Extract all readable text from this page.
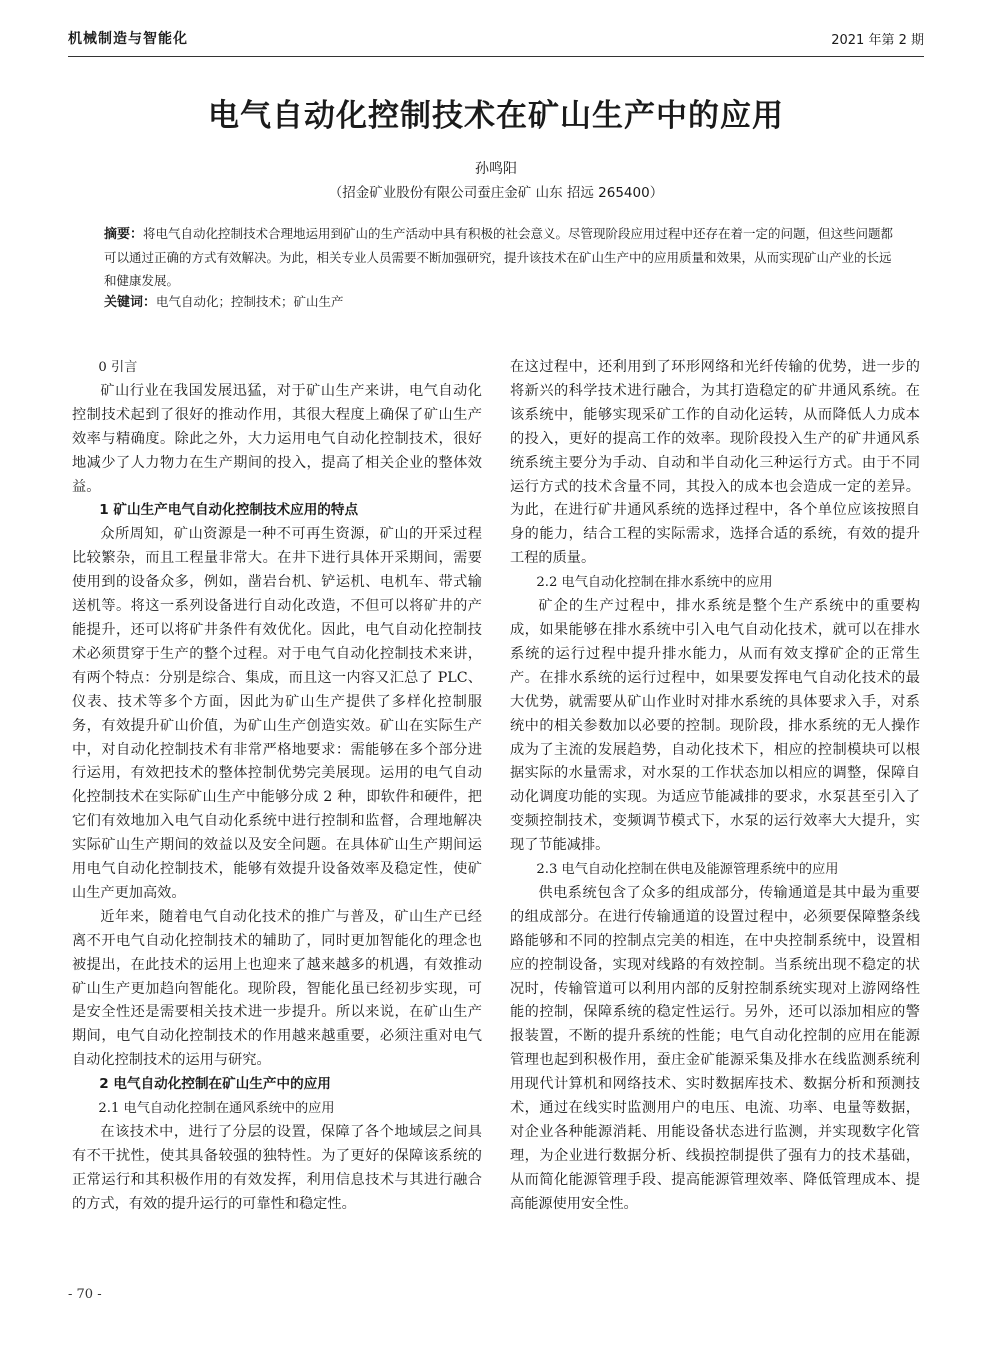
机械制造与智能化	2021 年第 2 期
电气自动化控制技术在矿山生产中的应用
孙鸣阳
（招金矿业股份有限公司蚕庄金矿 山东 招远 265400）
摘要：将电气自动化控制技术合理地运用到矿山的生产活动中具有积极的社会意义。尽管现阶段应用过程中还存在着一定的问题，但这些问题都可以通过正确的方式有效解决。为此，相关专业人员需要不断加强研究，提升该技术在矿山生产中的应用质量和效果，从而实现矿山产业的长远和健康发展。
关键词：电气自动化；控制技术；矿山生产
0 引言

矿山行业在我国发展迅猛，对于矿山生产来讲，电气自动化控制技术起到了很好的推动作用，其很大程度上确保了矿山生产效率与精确度。除此之外，大力运用电气自动化控制技术，很好地减少了人力物力在生产期间的投入，提高了相关企业的整体效益。

1 矿山生产电气自动化控制技术应用的特点

众所周知，矿山资源是一种不可再生资源，矿山的开采过程比较繁杂，而且工程量非常大。在井下进行具体开采期间，需要使用到的设备众多，例如，凿岩台机、铲运机、电机车、带式输送机等。将这一系列设备进行自动化改造，不但可以将矿井的产能提升，还可以将矿井条件有效优化。因此，电气自动化控制技术必须贯穿于生产的整个过程。对于电气自动化控制技术来讲，有两个特点：分别是综合、集成，而且这一内容又汇总了 PLC、仪表、技术等多个方面，因此为矿山生产提供了多样化控制服务，有效提升矿山价值，为矿山生产创造实效。矿山在实际生产中，对自动化控制技术有非常严格地要求：需能够在多个部分进行运用，有效把技术的整体控制优势完美展现。运用的电气自动化控制技术在实际矿山生产中能够分成 2 种，即软件和硬件，把它们有效地加入电气自动化系统中进行控制和监督，合理地解决实际矿山生产期间的效益以及安全问题。在具体矿山生产期间运用电气自动化控制技术，能够有效提升设备效率及稳定性，使矿山生产更加高效。

近年来，随着电气自动化技术的推广与普及，矿山生产已经离不开电气自动化控制技术的辅助了，同时更加智能化的理念也被提出，在此技术的运用上也迎来了越来越多的机遇，有效推动矿山生产更加趋向智能化。现阶段，智能化虽已经初步实现，可是安全性还是需要相关技术进一步提升。所以来说，在矿山生产期间，电气自动化控制技术的作用越来越重要，必须注重对电气自动化控制技术的运用与研究。

2 电气自动化控制在矿山生产中的应用
2.1 电气自动化控制在通风系统中的应用

在该技术中，进行了分层的设置，保障了各个地域层之间具有不干扰性，使其具备较强的独特性。为了更好的保障该系统的正常运行和其积极作用的有效发挥，利用信息技术与其进行融合的方式，有效的提升运行的可靠性和稳定性。

在这过程中，还利用到了环形网络和光纤传输的优势，进一步的将新兴的科学技术进行融合，为其打造稳定的矿井通风系统。在该系统中，能够实现采矿工作的自动化运转，从而降低人力成本的投入，更好的提高工作的效率。现阶段投入生产的矿井通风系统系统主要分为手动、自动和半自动化三种运行方式。由于不同运行方式的技术含量不同，其投入的成本也会造成一定的差异。为此，在进行矿井通风系统的选择过程中，各个单位应该按照自身的能力，结合工程的实际需求，选择合适的系统，有效的提升工程的质量。

2.2 电气自动化控制在排水系统中的应用

矿企的生产过程中，排水系统是整个生产系统中的重要构成，如果能够在排水系统中引入电气自动化技术，就可以在排水系统的运行过程中提升排水能力，从而有效支撑矿企的正常生产。在排水系统的运行过程中，如果要发挥电气自动化技术的最大优势，就需要从矿山作业时对排水系统的具体要求入手，对系统中的相关参数加以必要的控制。现阶段，排水系统的无人操作成为了主流的发展趋势，自动化技术下，相应的控制模块可以根据实际的水量需求，对水泵的工作状态加以相应的调整，保障自动化调度功能的实现。为适应节能减排的要求，水泵甚至引入了变频控制技术，变频调节模式下，水泵的运行效率大大提升，实现了节能减排。

2.3 电气自动化控制在供电及能源管理系统中的应用

供电系统包含了众多的组成部分，传输通道是其中最为重要的组成部分。在进行传输通道的设置过程中，必须要保障整条线路能够和不同的控制点完美的相连，在中央控制系统中，设置相应的控制设备，实现对线路的有效控制。当系统出现不稳定的状况时，传输管道可以利用内部的反射控制系统实现对上游网络性能的控制，保障系统的稳定性运行。另外，还可以添加相应的警报装置，不断的提升系统的性能；电气自动化控制的应用在能源管理也起到积极作用，蚕庄金矿能源采集及排水在线监测系统利用现代计算机和网络技术、实时数据库技术、数据分析和预测技术，通过在线实时监测用户的电压、电流、功率、电量等数据，对企业各种能源消耗、用能设备状态进行监测，并实现数字化管理，为企业进行数据分析、线损控制提供了强有力的技术基础，从而简化能源管理手段、提高能源管理效率、降低管理成本、提高能源使用安全性。

- 70 -
